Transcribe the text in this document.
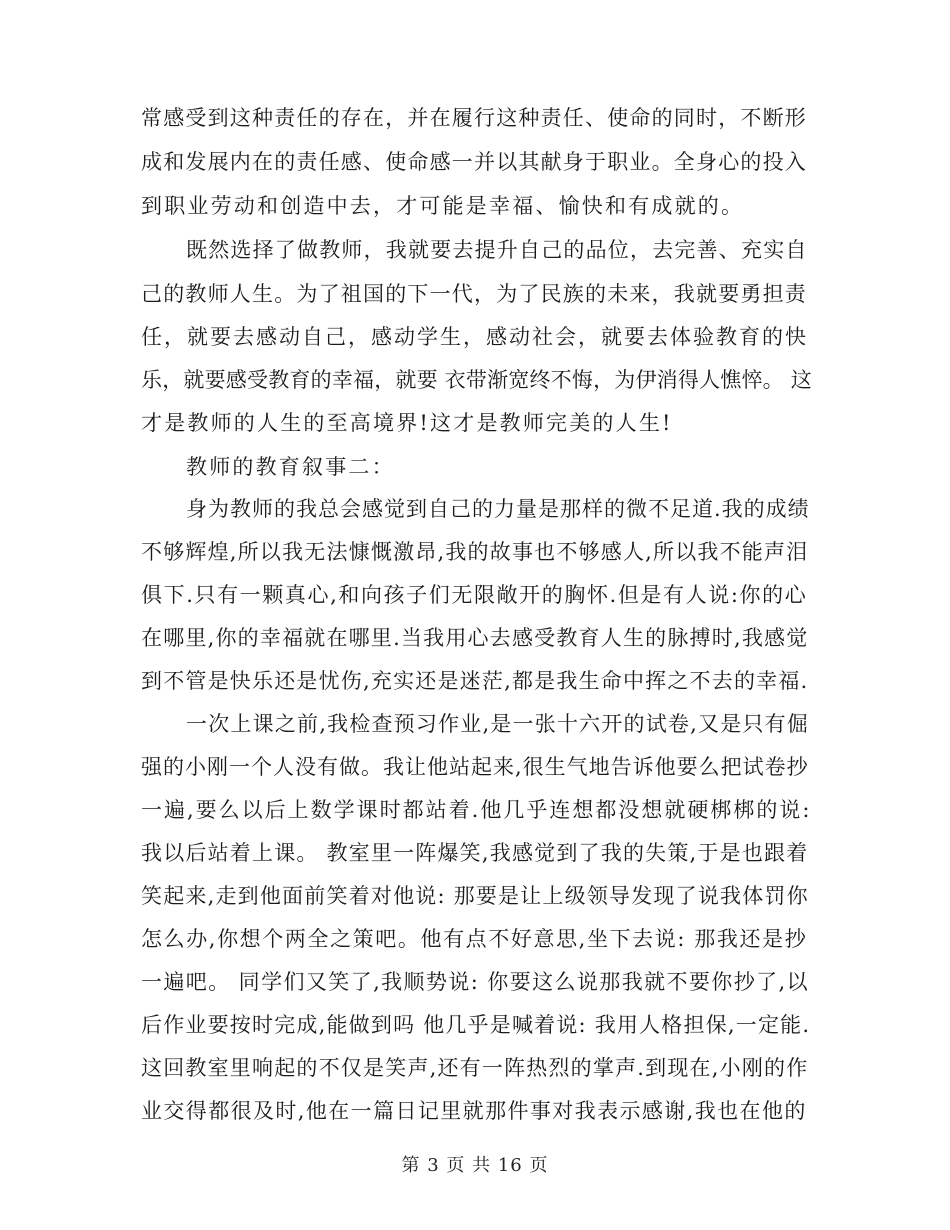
常感受到这种责任的存在，并在履行这种责任、使命的同时，不断形
成和发展内在的责任感、使命感一并以其献身于职业。全身心的投入
到职业劳动和创造中去，才可能是幸福、愉快和有成就的。
既然选择了做教师，我就要去提升自己的品位，去完善、充实自
己的教师人生。为了祖国的下一代，为了民族的未来，我就要勇担责
任，就要去感动自己，感动学生，感动社会，就要去体验教育的快
乐，就要感受教育的幸福，就要 衣带渐宽终不悔，为伊消得人憔悴。 这
才是教师的人生的至高境界!这才是教师完美的人生!
教师的教育叙事二：
身为教师的我总会感觉到自己的力量是那样的微不足道.我的成绩
不够辉煌,所以我无法慷慨激昂,我的故事也不够感人,所以我不能声泪
俱下.只有一颗真心,和向孩子们无限敞开的胸怀.但是有人说:你的心
在哪里,你的幸福就在哪里.当我用心去感受教育人生的脉搏时,我感觉
到不管是快乐还是忧伤,充实还是迷茫,都是我生命中挥之不去的幸福.
一次上课之前,我检查预习作业,是一张十六开的试卷,又是只有倔
强的小刚一个人没有做。我让他站起来,很生气地告诉他要么把试卷抄
一遍,要么以后上数学课时都站着.他几乎连想都没想就硬梆梆的说:
我以后站着上课。 教室里一阵爆笑,我感觉到了我的失策,于是也跟着
笑起来,走到他面前笑着对他说: 那要是让上级领导发现了说我体罚你
怎么办,你想个两全之策吧。他有点不好意思,坐下去说: 那我还是抄
一遍吧。 同学们又笑了,我顺势说: 你要这么说那我就不要你抄了,以
后作业要按时完成,能做到吗 他几乎是喊着说: 我用人格担保,一定能.
这回教室里响起的不仅是笑声,还有一阵热烈的掌声.到现在,小刚的作
业交得都很及时,他在一篇日记里就那件事对我表示感谢,我也在他的
第 3 页 共 16 页
